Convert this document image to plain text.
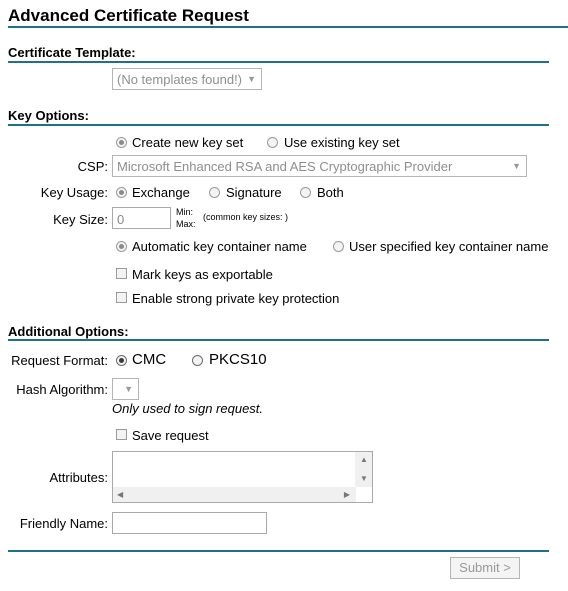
Advanced Certificate Request
Certificate Template:
(No templates found!) ▼
Key Options:
Create new key set	Use existing key set
CSP: Microsoft Enhanced RSA and AES Cryptographic Provider	▼
Key Usage: Exchange	Signature	Both
Key Size: 0	Min:
Max:
(common key sizes: )
Automatic key container name	User specified key container name
Mark keys as exportable
Enable strong private key protection
Additional Options:
Request Format: CMC	PKCS10
Hash Algorithm: ▼
Only used to sign request.
Save request
Attributes:
▲
▼
◀	▶
Friendly Name:
Submit >
